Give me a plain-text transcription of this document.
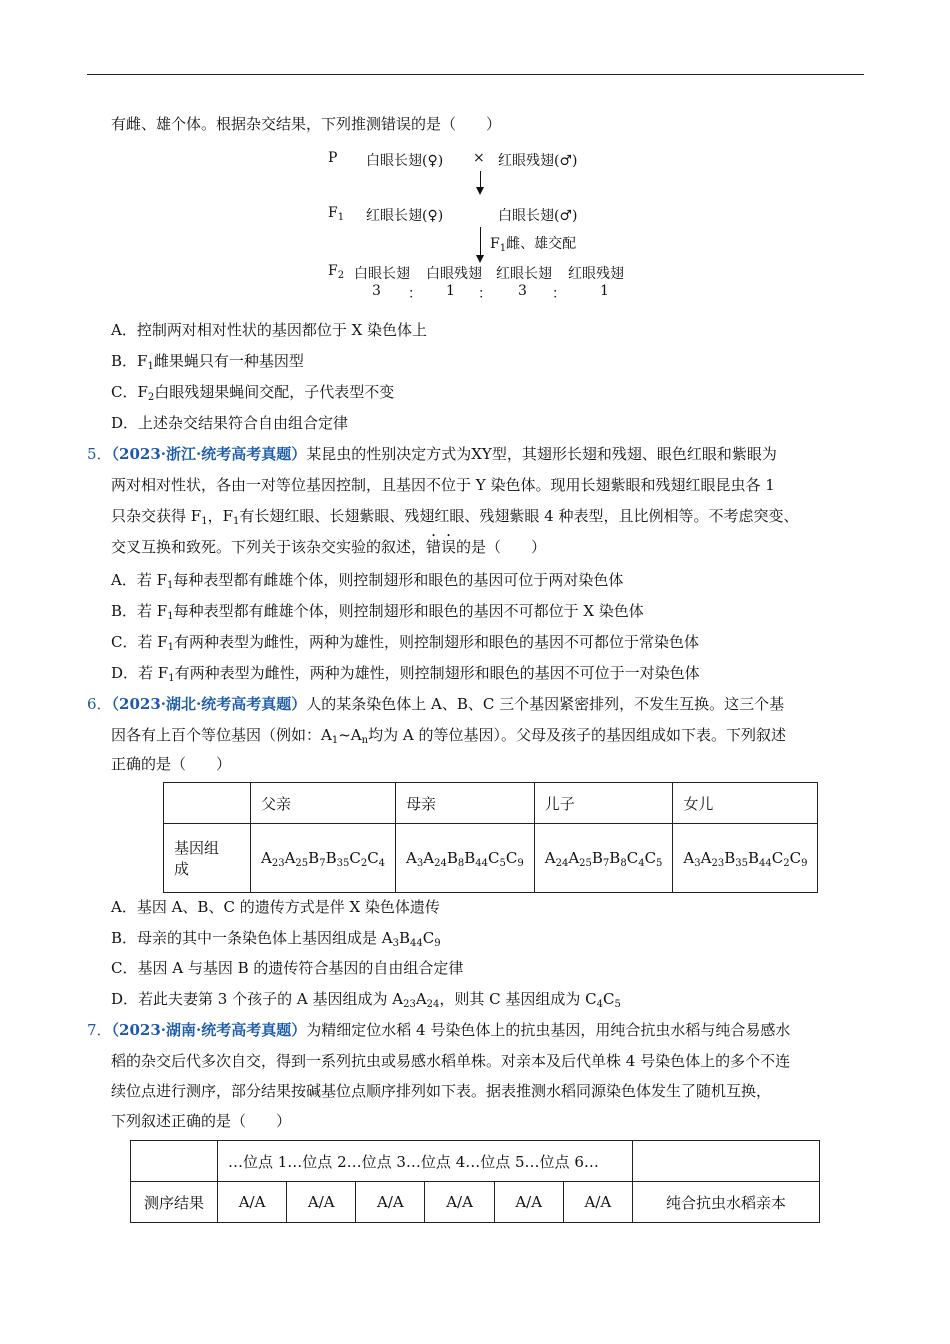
有雌、雄个体。根据杂交结果，下列推测错误的是（　　）
P 白眼长翅(♀) × 红眼残翅(♂)
$F_1$ 红眼长翅(♀)	白眼长翅(♂)
$F_1$雌、雄交配
$F_2$ 白眼长翅 白眼残翅 红眼长翅 红眼残翅
3 ： 1 ： 3 ： 1
A．控制两对相对性状的基因都位于 X 染色体上
B．$F_1$雌果蝇只有一种基因型
C．$F_2$白眼残翅果蝇间交配，子代表型不变
D．上述杂交结果符合自由组合定律
5．（2023·浙江·统考高考真题）某昆虫的性别决定方式为XY型，其翅形长翅和残翅、眼色红眼和紫眼为
两对相对性状，各由一对等位基因控制，且基因不位于 Y 染色体。现用长翅紫眼和残翅红眼昆虫各 1
只杂交获得 $F_1$，$F_1$有长翅红眼、长翅紫眼、残翅红眼、残翅紫眼 4 种表型，且比例相等。不考虑突变、
交叉互换和致死。下列关于该杂交实验的叙述，错误的是（　　）
A．若 $F_1$每种表型都有雌雄个体，则控制翅形和眼色的基因可位于两对染色体
B．若 $F_1$每种表型都有雌雄个体，则控制翅形和眼色的基因不可都位于 X 染色体
C．若 $F_1$有两种表型为雌性，两种为雄性，则控制翅形和眼色的基因不可都位于常染色体
D．若 $F_1$有两种表型为雌性，两种为雄性，则控制翅形和眼色的基因不可位于一对染色体
6．（2023·湖北·统考高考真题）人的某条染色体上 A、B、C 三个基因紧密排列，不发生互换。这三个基
因各有上百个等位基因（例如：$A_1\sim A_n$均为 A 的等位基因）。父母及孩子的基因组成如下表。下列叙述
正确的是（　　）
	父亲	母亲	儿子	女儿

基因组
成	$A_{23}A_{25}B_7B_{35}C_2C_4$	$A_3A_{24}B_8B_{44}C_5C_9$	$A_{24}A_{25}B_7B_8C_4C_5$	$A_3A_{23}B_{35}B_{44}C_2C_9$
A．基因 A、B、C 的遗传方式是伴 X 染色体遗传
B．母亲的其中一条染色体上基因组成是 $A_3B_{44}C_9$
C．基因 A 与基因 B 的遗传符合基因的自由组合定律
D．若此夫妻第 3 个孩子的 A 基因组成为 $A_{23}A_{24}$，则其 C 基因组成为 $C_4C_5$
7．（2023·湖南·统考高考真题）为精细定位水稻 4 号染色体上的抗虫基因，用纯合抗虫水稻与纯合易感水
稻的杂交后代多次自交，得到一系列抗虫或易感水稻单株。对亲本及后代单株 4 号染色体上的多个不连
续位点进行测序，部分结果按碱基位点顺序排列如下表。据表推测水稻同源染色体发生了随机互换，
下列叙述正确的是（　　）
	…位点 1…位点 2…位点 3…位点 4…位点 5…位点 6…						
测序结果	A/A	A/A	A/A	A/A	A/A	A/A	纯合抗虫水稻亲本
